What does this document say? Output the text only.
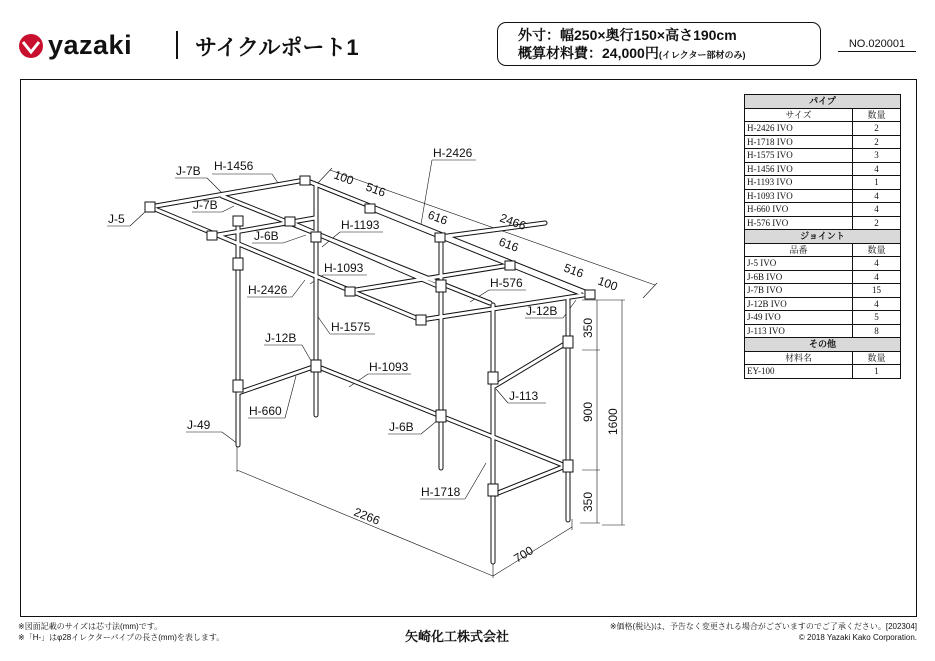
yazaki	サイクルポート1	外寸：幅250×奥行150×高さ190cm
概算材料費：24,000円(イレクター部材のみ)
NO.020001
J-7B H-1456
100
516
H-2426
616	2466
J-5
J-7B
616
J-6B
H-1193
516
100
H-1093
H-2426	H-576
J-12B
350
H-1575
J-12B
H-1093
J-113
H-660	900 1600
J-49	J-6B
H-1718	350
2266
700
パイプ	
サイズ	数量
H-2426 IVO	2
H-1718 IVO	2
H-1575 IVO	3
H-1456 IVO	4
H-1193 IVO	1
H-1093 IVO	4
H-660 IVO	4
H-576 IVO	2
ジョイント	
品番	数量
J-5 IVO	4
J-6B IVO	4
J-7B IVO	15
J-12B IVO	4
J-49 IVO	5
J-113 IVO	8
その他	
材料名	数量
EY-100	1
※図面記載のサイズは芯寸法(mm)です。
※「H-」はφ28イレクターパイプの長さ(mm)を表します。	矢崎化工株式会社
※価格(税込)は、予告なく変更される場合がございますのでご了承ください。[202304]
© 2018 Yazaki Kako Corporation.
